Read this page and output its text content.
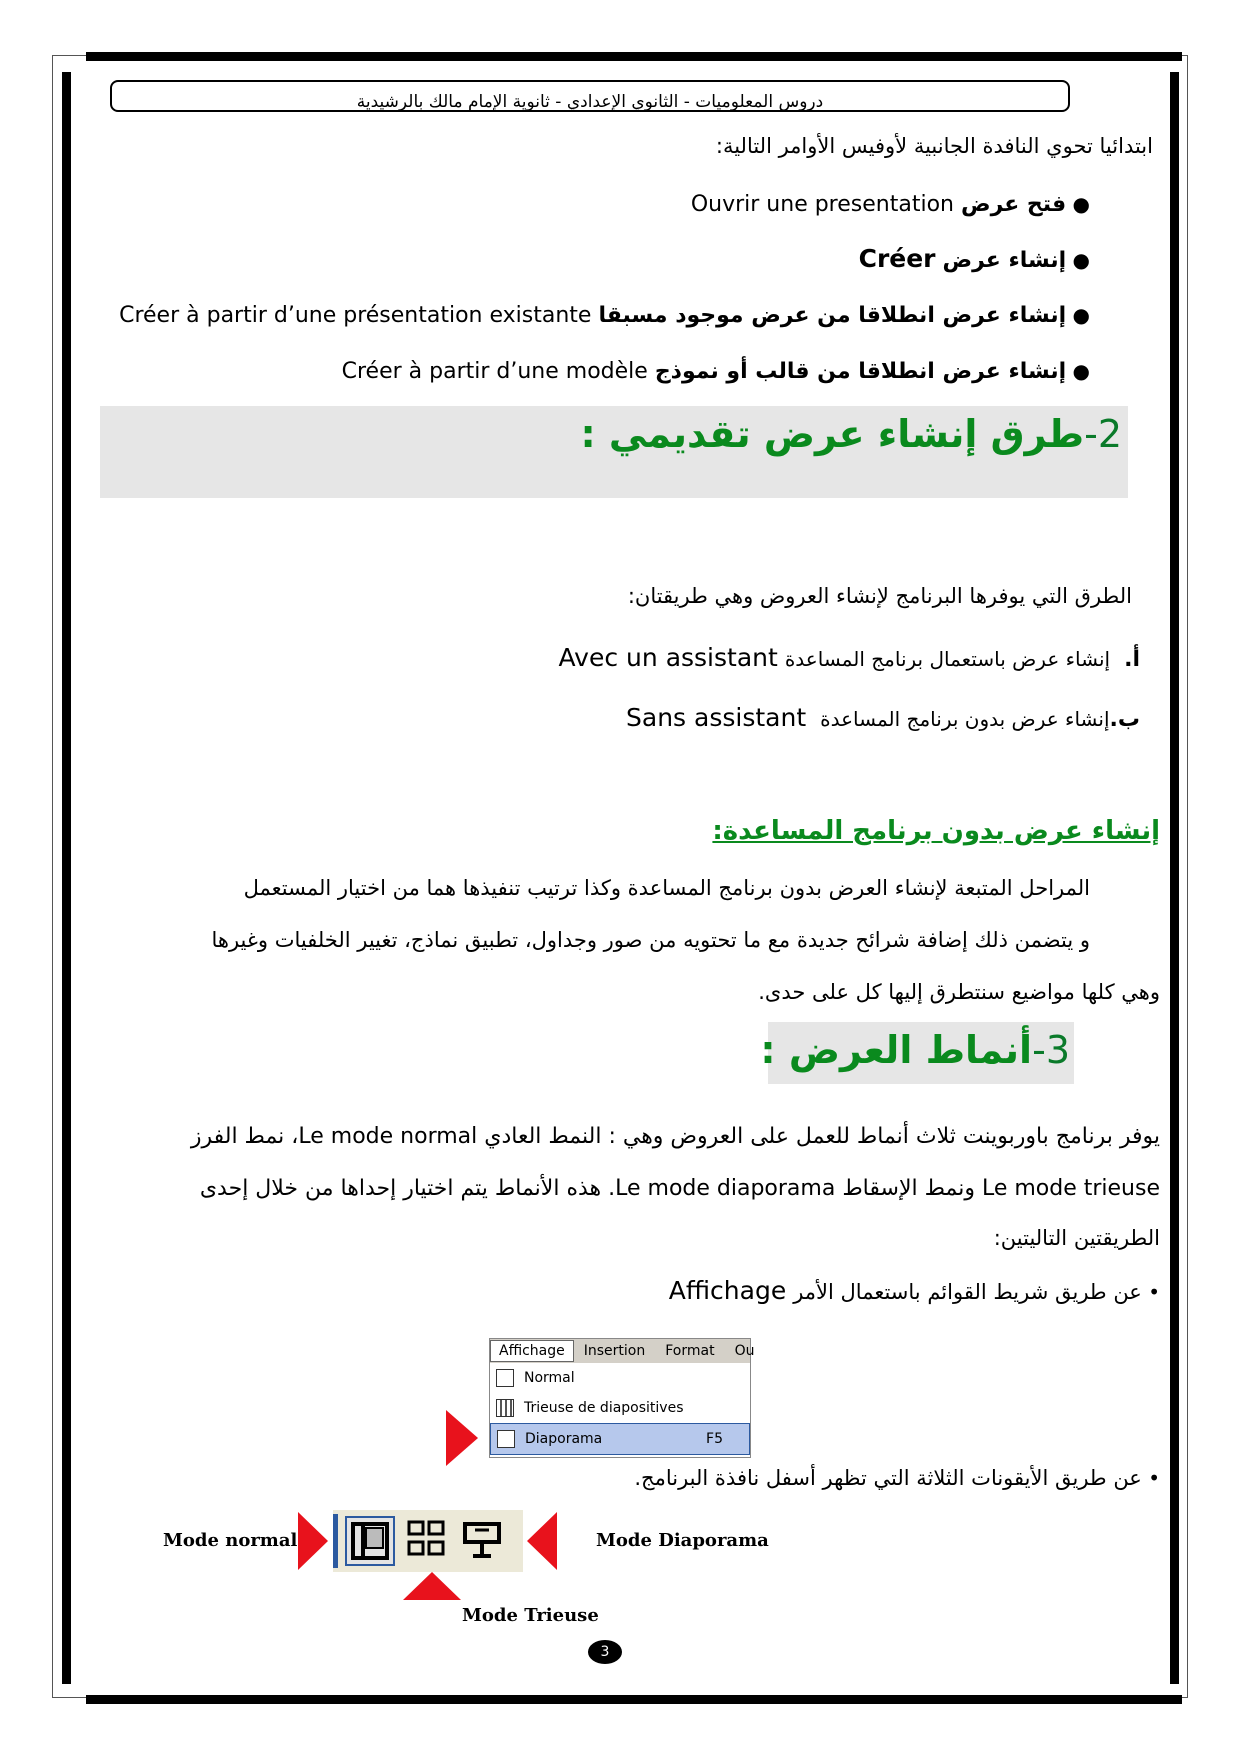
دروس المعلوميات - الثانوي الإعدادي - ثانوية الإمام مالك بالرشيدية
ابتدائيا تحوي النافدة الجانبية لأوفيس الأوامر التالية:
● فتح عرض Ouvrir une presentation
● إنشاء عرض Créer
● إنشاء عرض انطلاقا من عرض موجود مسبقا Créer à partir d’une présentation existante
● إنشاء عرض انطلاقا من قالب أو نموذج Créer à partir d’une modèle
2-طرق إنشاء عرض تقديمي :
الطرق التي يوفرها البرنامج لإنشاء العروض وهي طريقتان:
أ.  إنشاء عرض باستعمال برنامج المساعدة Avec un assistant
ب.إنشاء عرض بدون برنامج المساعدة  Sans assistant
إنشاء عرض بدون برنامج المساعدة:
المراحل المتبعة لإنشاء العرض بدون برنامج المساعدة وكذا ترتيب تنفيذها هما من اختيار المستعمل
و يتضمن ذلك إضافة شرائح جديدة مع ما تحتويه من صور وجداول، تطبيق نماذج، تغيير الخلفيات وغيرها
وهي كلها مواضيع سنتطرق إليها كل على حدى.
3-أنماط العرض :
يوفر برنامج باوربوينت ثلاث أنماط للعمل على العروض وهي : النمط العادي Le mode normal، نمط الفرز
Le mode trieuse ونمط الإسقاط Le mode diaporama. هذه الأنماط يتم اختيار إحداها من خلال إحدى
الطريقتين التاليتين:
• عن طريق شريط القوائم باستعمال الأمر Affichage
Affichage	Insertion	Format	Ou
Normal
Trieuse de diapositives
Diaporama	F5
• عن طريق الأيقونات الثلاثة التي تظهر أسفل نافذة البرنامج.
Mode normal	Mode Diaporama
Mode Trieuse
3
